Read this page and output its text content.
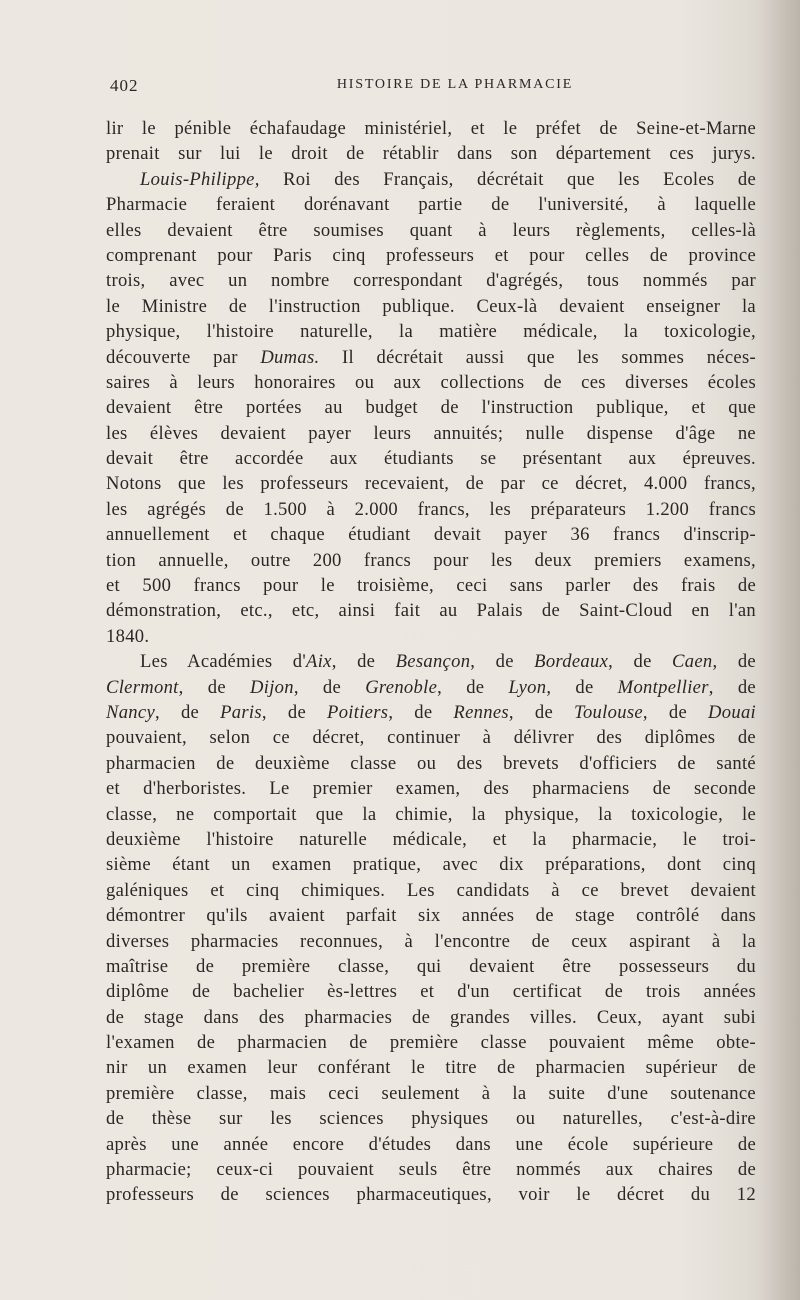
402	HISTOIRE DE LA PHARMACIE
lir le pénible échafaudage ministériel, et le préfet de Seine-et-Marne
prenait sur lui le droit de rétablir dans son département ces jurys.
Louis-Philippe, Roi des Français, décrétait que les Ecoles de
Pharmacie feraient dorénavant partie de l'université, à laquelle
elles devaient être soumises quant à leurs règlements, celles-là
comprenant pour Paris cinq professeurs et pour celles de province
trois, avec un nombre correspondant d'agrégés, tous nommés par
le Ministre de l'instruction publique. Ceux-là devaient enseigner la
physique, l'histoire naturelle, la matière médicale, la toxicologie,
découverte par Dumas. Il décrétait aussi que les sommes néces-
saires à leurs honoraires ou aux collections de ces diverses écoles
devaient être portées au budget de l'instruction publique, et que
les élèves devaient payer leurs annuités; nulle dispense d'âge ne
devait être accordée aux étudiants se présentant aux épreuves.
Notons que les professeurs recevaient, de par ce décret, 4.000 francs,
les agrégés de 1.500 à 2.000 francs, les préparateurs 1.200 francs
annuellement et chaque étudiant devait payer 36 francs d'inscrip-
tion annuelle, outre 200 francs pour les deux premiers examens,
et 500 francs pour le troisième, ceci sans parler des frais de
démonstration, etc., etc, ainsi fait au Palais de Saint-Cloud en l'an
1840.
Les Académies d'Aix, de Besançon, de Bordeaux, de Caen, de
Clermont, de Dijon, de Grenoble, de Lyon, de Montpellier, de
Nancy, de Paris, de Poitiers, de Rennes, de Toulouse, de Douai
pouvaient, selon ce décret, continuer à délivrer des diplômes de
pharmacien de deuxième classe ou des brevets d'officiers de santé
et d'herboristes. Le premier examen, des pharmaciens de seconde
classe, ne comportait que la chimie, la physique, la toxicologie, le
deuxième l'histoire naturelle médicale, et la pharmacie, le troi-
sième étant un examen pratique, avec dix préparations, dont cinq
galéniques et cinq chimiques. Les candidats à ce brevet devaient
démontrer qu'ils avaient parfait six années de stage contrôlé dans
diverses pharmacies reconnues, à l'encontre de ceux aspirant à la
maîtrise de première classe, qui devaient être possesseurs du
diplôme de bachelier ès-lettres et d'un certificat de trois années
de stage dans des pharmacies de grandes villes. Ceux, ayant subi
l'examen de pharmacien de première classe pouvaient même obte-
nir un examen leur conférant le titre de pharmacien supérieur de
première classe, mais ceci seulement à la suite d'une soutenance
de thèse sur les sciences physiques ou naturelles, c'est-à-dire
après une année encore d'études dans une école supérieure de
pharmacie; ceux-ci pouvaient seuls être nommés aux chaires de
professeurs de sciences pharmaceutiques, voir le décret du 12
